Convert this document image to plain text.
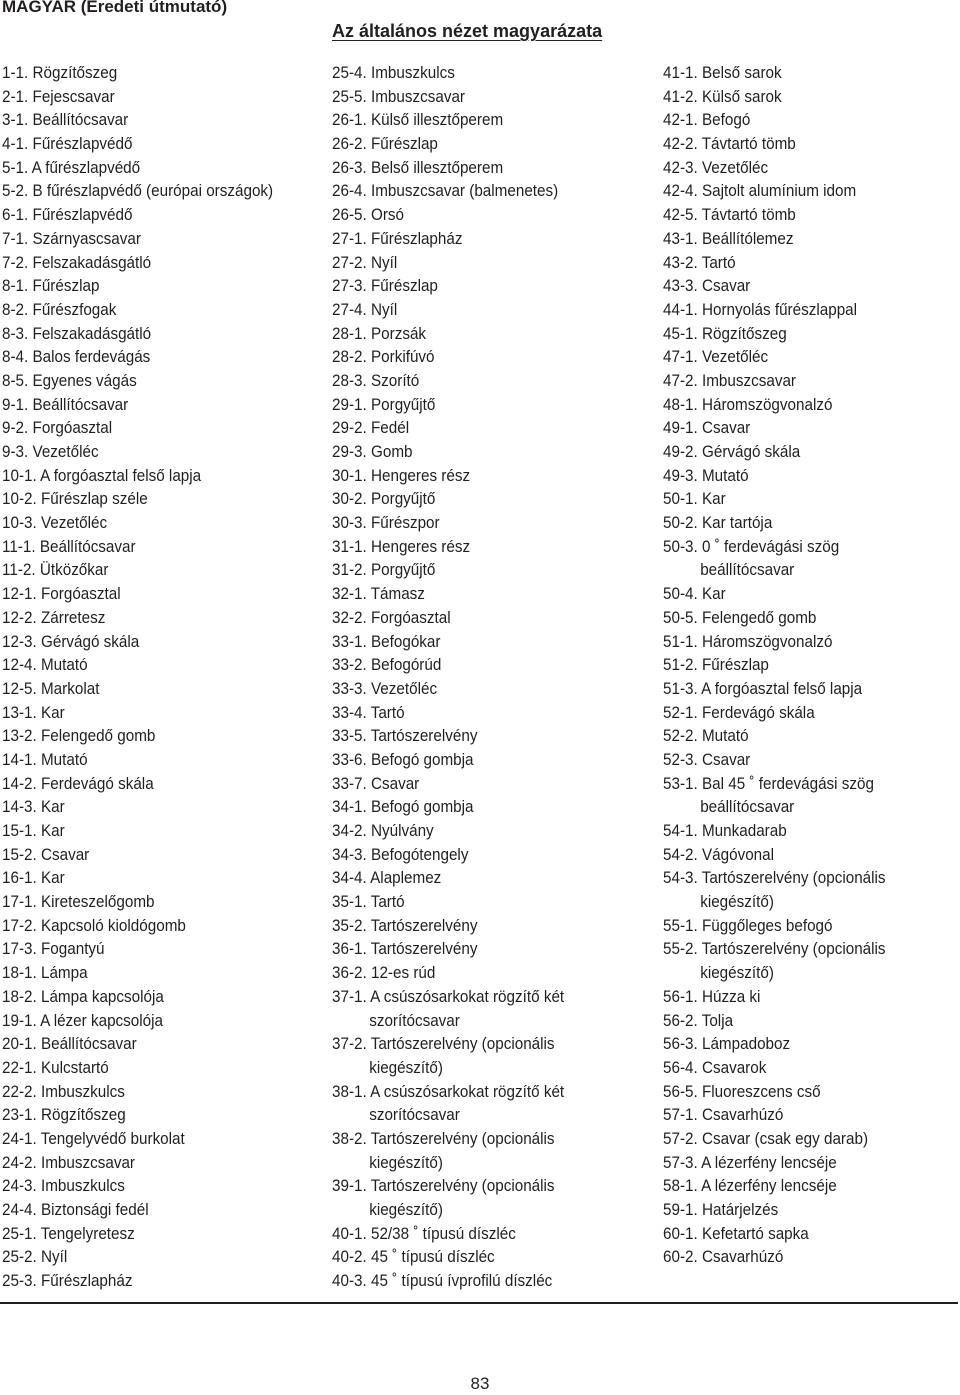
MAGYAR (Eredeti útmutató)
Az általános nézet magyarázata
1-1. Rögzítőszeg
2-1. Fejescsavar
3-1. Beállítócsavar
4-1. Fűrészlapvédő
5-1. A fűrészlapvédő
5-2. B fűrészlapvédő (európai országok)
6-1. Fűrészlapvédő
7-1. Szárnyascsavar
7-2. Felszakadásgátló
8-1. Fűrészlap
8-2. Fűrészfogak
8-3. Felszakadásgátló
8-4. Balos ferdevágás
8-5. Egyenes vágás
9-1. Beállítócsavar
9-2. Forgóasztal
9-3. Vezetőléc
10-1. A forgóasztal felső lapja
10-2. Fűrészlap széle
10-3. Vezetőléc
11-1. Beállítócsavar
11-2. Ütközőkar
12-1. Forgóasztal
12-2. Zárretesz
12-3. Gérvágó skála
12-4. Mutató
12-5. Markolat
13-1. Kar
13-2. Felengedő gomb
14-1. Mutató
14-2. Ferdevágó skála
14-3. Kar
15-1. Kar
15-2. Csavar
16-1. Kar
17-1. Kireteszelőgomb
17-2. Kapcsoló kioldógomb
17-3. Fogantyú
18-1. Lámpa
18-2. Lámpa kapcsolója
19-1. A lézer kapcsolója
20-1. Beállítócsavar
22-1. Kulcstartó
22-2. Imbuszkulcs
23-1. Rögzítőszeg
24-1. Tengelyvédő burkolat
24-2. Imbuszcsavar
24-3. Imbuszkulcs
24-4. Biztonsági fedél
25-1. Tengelyretesz
25-2. Nyíl
25-3. Fűrészlapház
25-4. Imbuszkulcs
25-5. Imbuszcsavar
26-1. Külső illesztőperem
26-2. Fűrészlap
26-3. Belső illesztőperem
26-4. Imbuszcsavar (balmenetes)
26-5. Orsó
27-1. Fűrészlapház
27-2. Nyíl
27-3. Fűrészlap
27-4. Nyíl
28-1. Porzsák
28-2. Porkifúvó
28-3. Szorító
29-1. Porgyűjtő
29-2. Fedél
29-3. Gomb
30-1. Hengeres rész
30-2. Porgyűjtő
30-3. Fűrészpor
31-1. Hengeres rész
31-2. Porgyűjtő
32-1. Támasz
32-2. Forgóasztal
33-1. Befogókar
33-2. Befogórúd
33-3. Vezetőléc
33-4. Tartó
33-5. Tartószerelvény
33-6. Befogó gombja
33-7. Csavar
34-1. Befogó gombja
34-2. Nyúlvány
34-3. Befogótengely
34-4. Alaplemez
35-1. Tartó
35-2. Tartószerelvény
36-1. Tartószerelvény
36-2. 12-es rúd
37-1. A csúszósarkokat rögzítő két
szorítócsavar
37-2. Tartószerelvény (opcionális
kiegészítő)
38-1. A csúszósarkokat rögzítő két
szorítócsavar
38-2. Tartószerelvény (opcionális
kiegészítő)
39-1. Tartószerelvény (opcionális
kiegészítő)
40-1. 52/38 ˚ típusú díszléc
40-2. 45 ˚ típusú díszléc
40-3. 45 ˚ típusú ívprofilú díszléc
41-1. Belső sarok
41-2. Külső sarok
42-1. Befogó
42-2. Távtartó tömb
42-3. Vezetőléc
42-4. Sajtolt alumínium idom
42-5. Távtartó tömb
43-1. Beállítólemez
43-2. Tartó
43-3. Csavar
44-1. Hornyolás fűrészlappal
45-1. Rögzítőszeg
47-1. Vezetőléc
47-2. Imbuszcsavar
48-1. Háromszögvonalzó
49-1. Csavar
49-2. Gérvágó skála
49-3. Mutató
50-1. Kar
50-2. Kar tartója
50-3. 0 ˚ ferdevágási szög
beállítócsavar
50-4. Kar
50-5. Felengedő gomb
51-1. Háromszögvonalzó
51-2. Fűrészlap
51-3. A forgóasztal felső lapja
52-1. Ferdevágó skála
52-2. Mutató
52-3. Csavar
53-1. Bal 45 ˚ ferdevágási szög
beállítócsavar
54-1. Munkadarab
54-2. Vágóvonal
54-3. Tartószerelvény (opcionális
kiegészítő)
55-1. Függőleges befogó
55-2. Tartószerelvény (opcionális
kiegészítő)
56-1. Húzza ki
56-2. Tolja
56-3. Lámpadoboz
56-4. Csavarok
56-5. Fluoreszcens cső
57-1. Csavarhúzó
57-2. Csavar (csak egy darab)
57-3. A lézerfény lencséje
58-1. A lézerfény lencséje
59-1. Határjelzés
60-1. Kefetartó sapka
60-2. Csavarhúzó
83
